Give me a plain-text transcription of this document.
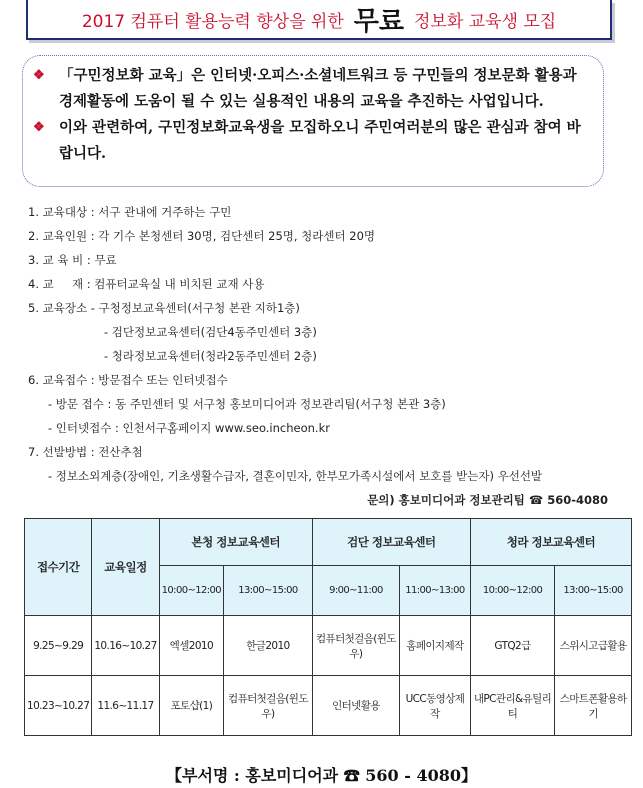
2017 컴퓨터 활용능력 향상을 위한 무료 정보화 교육생 모집
❖ 「구민정보화 교육」은 인터넷·오피스·소셜네트워크 등 구민들의 정보문화 활용과 경제활동에 도움이 될 수 있는 실용적인 내용의 교육을 추진하는 사업입니다.
❖ 이와 관련하여, 구민정보화교육생을 모집하오니 주민여러분의 많은 관심과 참여 바랍니다.
1. 교육대상 : 서구 관내에 거주하는 구민
2. 교육인원 : 각 기수 본청센터 30명, 검단센터 25명, 청라센터 20명
3. 교 육 비 : 무료
4. 교     재 : 컴퓨터교육실 내 비치된 교재 사용
5. 교육장소 - 구청정보교육센터(서구청 본관 지하1층)
- 검단정보교육센터(검단4동주민센터 3층)
- 청라정보교육센터(청라2동주민센터 2층)
6. 교육접수 : 방문접수 또는 인터넷접수
- 방문 접수 : 동 주민센터 및 서구청 홍보미디어과 정보관리팀(서구청 본관 3층)
- 인터넷접수 : 인천서구홈페이지 www.seo.incheon.kr
7. 선발방법 : 전산추첨
- 정보소외계층(장애인, 기초생활수급자, 결혼이민자, 한부모가족시설에서 보호를 받는자) 우선선발
문의) 홍보미디어과 정보관리팀 ☎ 560-4080
접수기간	교육일정	본청 정보교육센터		검단 정보교육센터		청라 정보교육센터	
		10:00~12:00	13:00~15:00	9:00~11:00	11:00~13:00	10:00~12:00	13:00~15:00
9.25~9.29	10.16~10.27	엑셀2010	한글2010	컴퓨터첫걸음(윈도우)	홈페이지제작	GTQ2급	스위시고급활용
10.23~10.27	11.6~11.17	포토샵(1)	컴퓨터첫걸음(윈도우)	인터넷활용	UCC동영상제작	내PC관리&유틸리티	스마트폰활용하기
【부서명 : 홍보미디어과 ☎ 560 - 4080】
